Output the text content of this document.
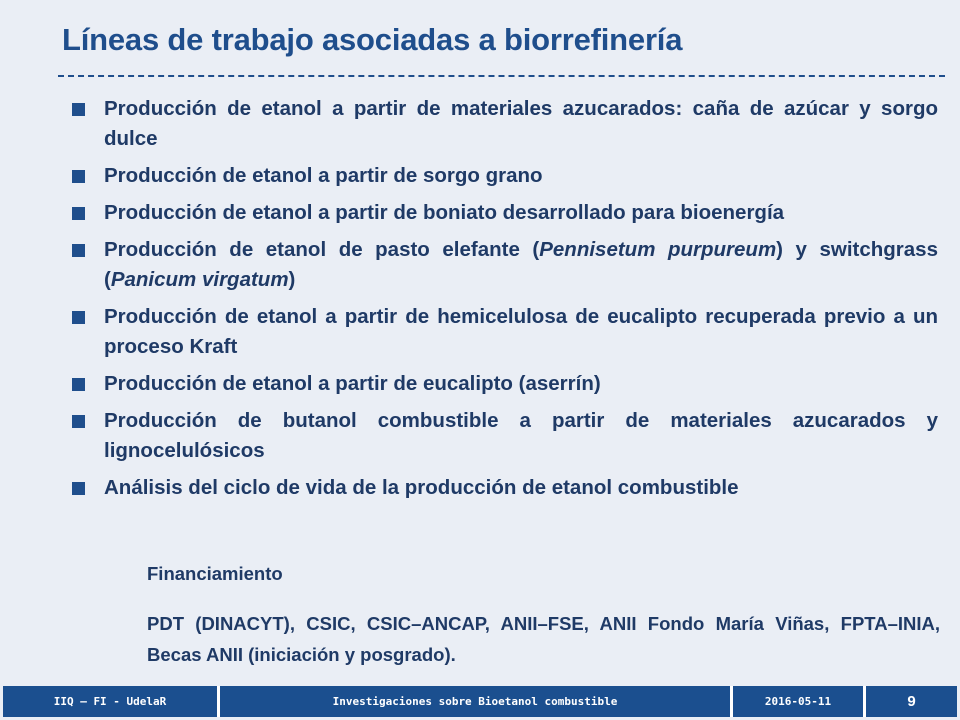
Líneas de trabajo asociadas a biorrefinería
Producción de etanol a partir de materiales azucarados: caña de azúcar y sorgo dulce
Producción de etanol a partir de sorgo grano
Producción de etanol a partir de boniato desarrollado para bioenergía
Producción de etanol de pasto elefante (Pennisetum purpureum) y switchgrass (Panicum virgatum)
Producción de etanol a partir de hemicelulosa de eucalipto recuperada previo a un proceso Kraft
Producción de etanol a partir de eucalipto (aserrín)
Producción de butanol combustible a partir de materiales azucarados y lignocelulósicos
Análisis del ciclo de vida de la producción de etanol combustible

Financiamiento

PDT (DINACYT), CSIC, CSIC–ANCAP, ANII–FSE, ANII Fondo María Viñas, FPTA–INIA, Becas ANII (iniciación y posgrado).

IIQ – FI - UdelaR	Investigaciones sobre Bioetanol combustible	2016-05-11	9
